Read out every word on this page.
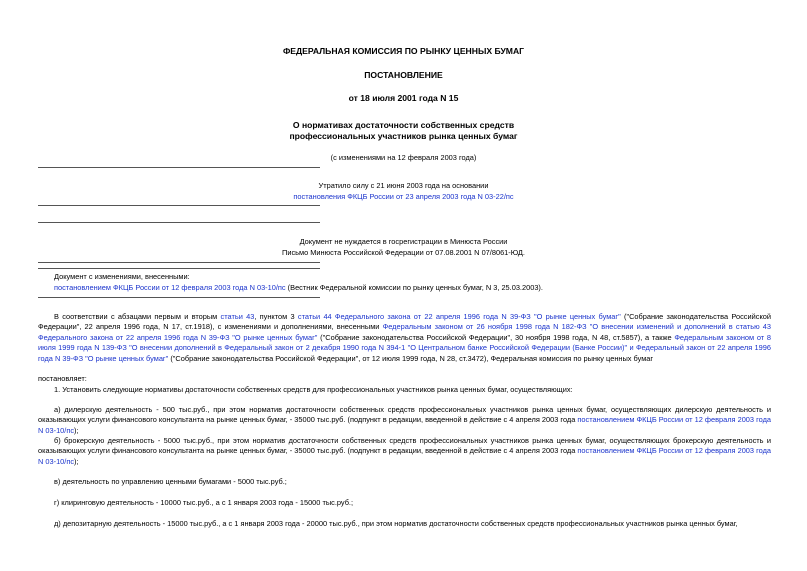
ФЕДЕРАЛЬНАЯ КОМИССИЯ ПО РЫНКУ ЦЕННЫХ БУМАГ
ПОСТАНОВЛЕНИЕ
от 18 июля 2001 года N 15
О нормативах достаточности собственных средств
профессиональных участников рынка ценных бумаг
(с изменениями на 12 февраля 2003 года)
Утратило силу с 21 июня 2003 года на основании
постановления ФКЦБ России от 23 апреля 2003 года N 03-22/пс
Документ не нуждается в госрегистрации в Минюста России
Письмо Минюста Российской Федерации от 07.08.2001 N 07/8061-ЮД.
Документ с изменениями, внесенными:
постановлением ФКЦБ России от 12 февраля 2003 года N 03-10/пс (Вестник Федеральной комиссии по рынку ценных бумаг, N 3, 25.03.2003).
В соответствии с абзацами первым и вторым статьи 43, пунктом 3 статьи 44 Федерального закона от 22 апреля 1996 года N 39-ФЗ "О рынке ценных бумаг" ("Собрание законодательства Российской Федерации", 22 апреля 1996 года, N 17, ст.1918), с изменениями и дополнениями, внесенными Федеральным законом от 26 ноября 1998 года N 182-ФЗ "О внесении изменений и дополнений в статью 43 Федерального закона от 22 апреля 1996 года N 39-ФЗ "О рынке ценных бумаг" ("Собрание законодательства Российской Федерации", 30 ноября 1998 года, N 48, ст.5857), а также Федеральным законом от 8 июля 1999 года N 139-ФЗ "О внесении дополнений в Федеральный закон от 2 декабря 1990 года N 394-1 "О Центральном банке Российской Федерации (Банке России)" и Федеральный закон от 22 апреля 1996 года N 39-ФЗ "О рынке ценных бумаг" ("Собрание законодательства Российской Федерации", от 12 июля 1999 года, N 28, ст.3472), Федеральная комиссия по рынку ценных бумаг
постановляет:
1. Установить следующие нормативы достаточности собственных средств для профессиональных участников рынка ценных бумаг, осуществляющих:
а) дилерскую деятельность - 500 тыс.руб., при этом норматив достаточности собственных средств профессиональных участников рынка ценных бумаг, осуществляющих дилерскую деятельность и оказывающих услуги финансового консультанта на рынке ценных бумаг, - 35000 тыс.руб. (подпункт в редакции, введенной в действие с 4 апреля 2003 года постановлением ФКЦБ России от 12 февраля 2003 года N 03-10/пс);
б) брокерскую деятельность - 5000 тыс.руб., при этом норматив достаточности собственных средств профессиональных участников рынка ценных бумаг, осуществляющих брокерскую деятельность и оказывающих услуги финансового консультанта на рынке ценных бумаг, - 35000 тыс.руб. (подпункт в редакции, введенной в действие с 4 апреля 2003 года постановлением ФКЦБ России от 12 февраля 2003 года N 03-10/пс);
в) деятельность по управлению ценными бумагами - 5000 тыс.руб.;
г) клиринговую деятельность - 10000 тыс.руб., а с 1 января 2003 года - 15000 тыс.руб.;
д) депозитарную деятельность - 15000 тыс.руб., а с 1 января 2003 года - 20000 тыс.руб., при этом норматив достаточности собственных средств профессиональных участников рынка ценных бумаг,
